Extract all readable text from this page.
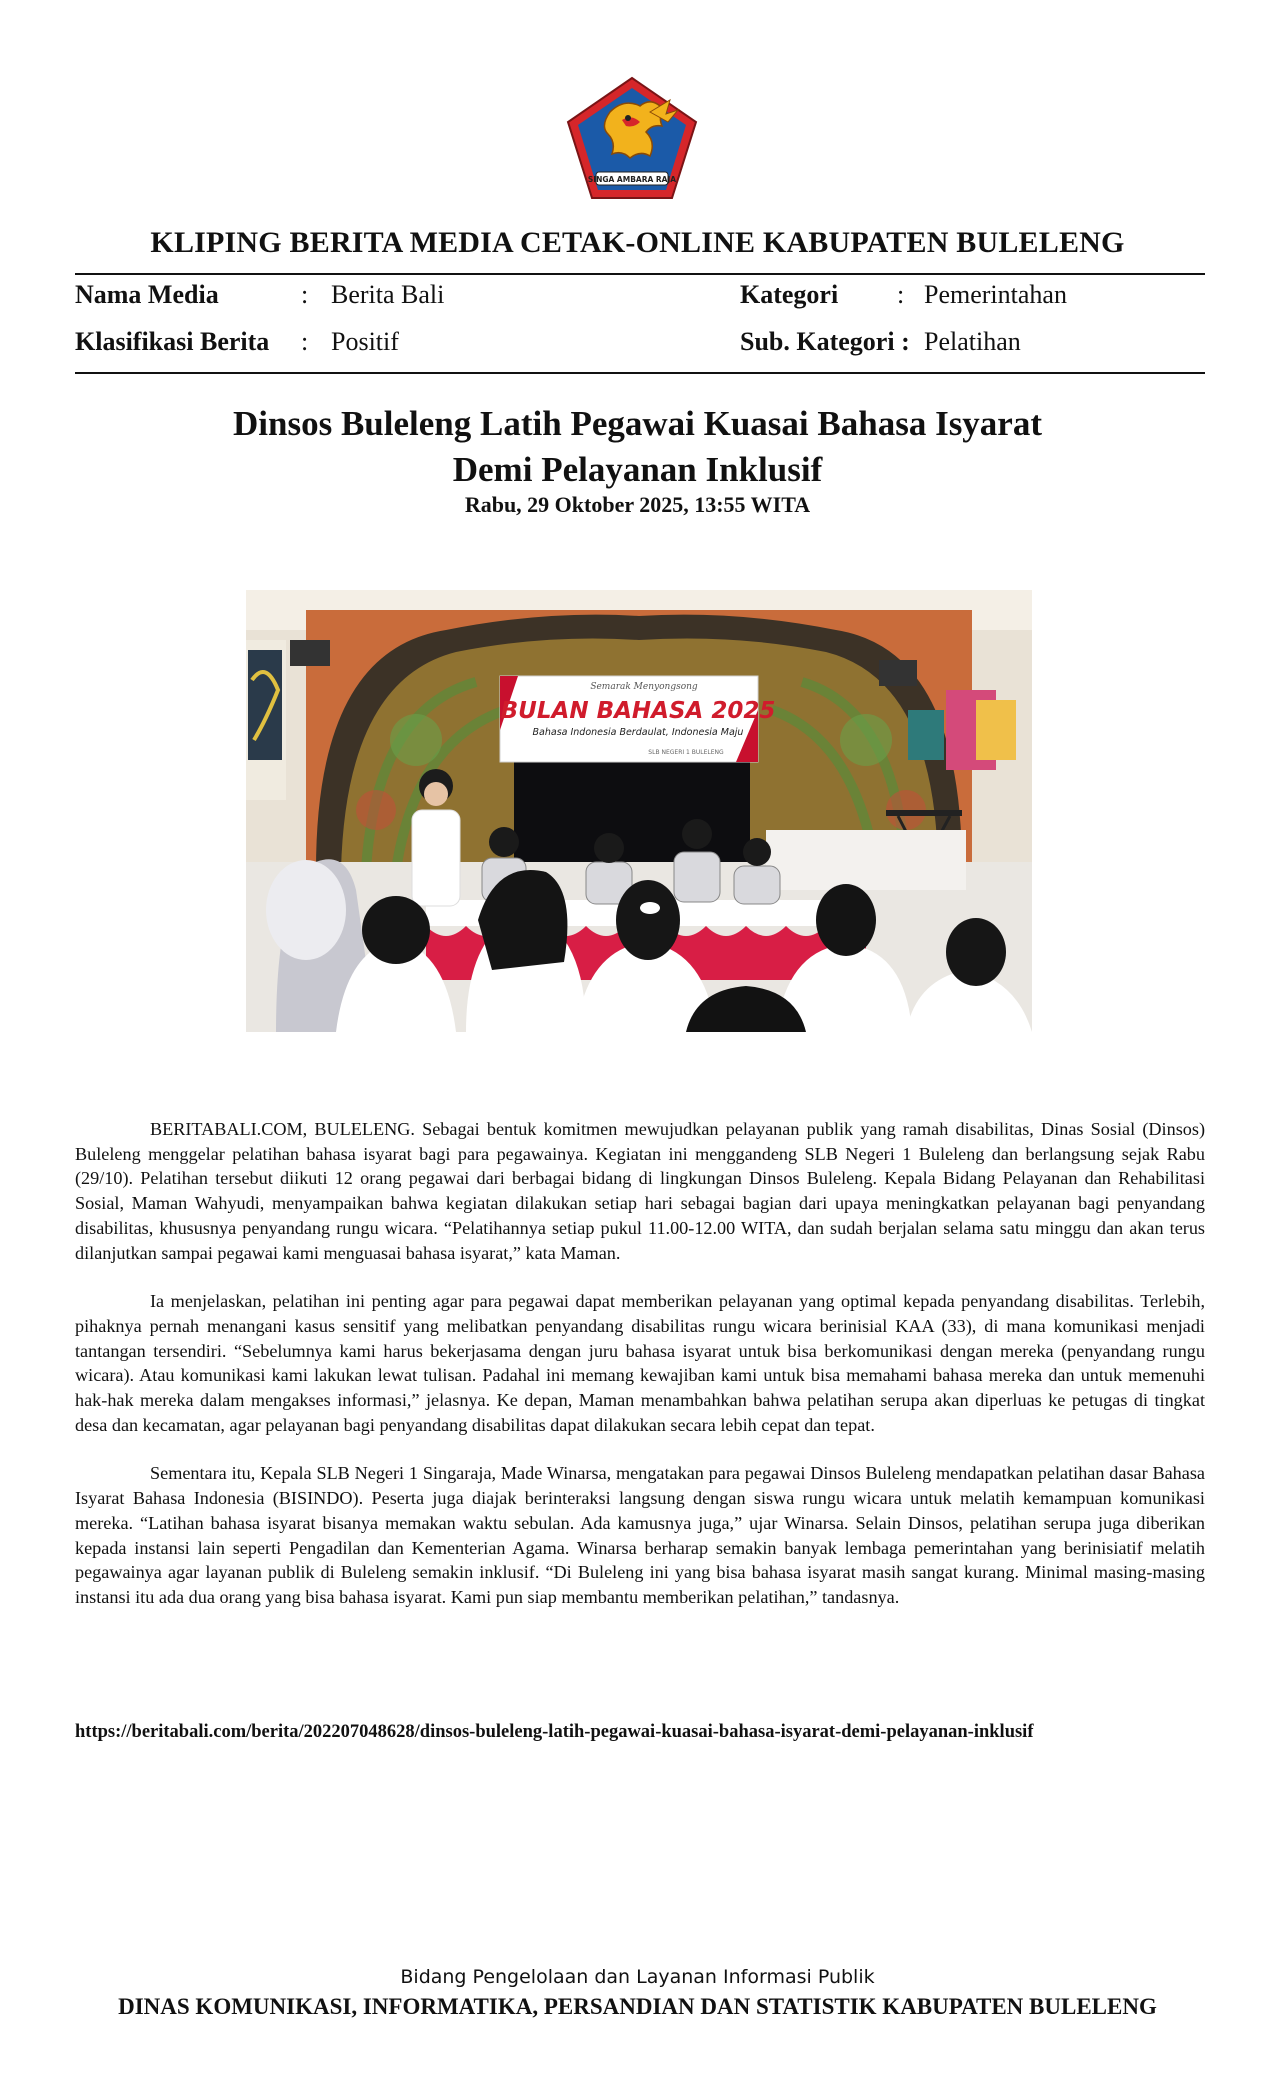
SINGA AMBARA RAJA
KLIPING BERITA MEDIA CETAK-ONLINE KABUPATEN BULELENG
Nama Media	: Berita Bali	Kategori : Pemerintahan
Klasifikasi Berita : Positif	Sub. Kategori : Pelatihan
Dinsos Buleleng Latih Pegawai Kuasai Bahasa Isyarat
Demi Pelayanan Inklusif
Rabu, 29 Oktober 2025, 13:55 WITA
Semarak Menyongsong
BULAN BAHASA 2025
Bahasa Indonesia Berdaulat, Indonesia Maju
SLB NEGERI 1 BULELENG

BERITABALI.COM, BULELENG. Sebagai bentuk komitmen mewujudkan pelayanan publik yang ramah disabilitas, Dinas Sosial (Dinsos) Buleleng menggelar pelatihan bahasa isyarat bagi para pegawainya. Kegiatan ini menggandeng SLB Negeri 1 Buleleng dan berlangsung sejak Rabu (29/10). Pelatihan tersebut diikuti 12 orang pegawai dari berbagai bidang di lingkungan Dinsos Buleleng. Kepala Bidang Pelayanan dan Rehabilitasi Sosial, Maman Wahyudi, menyampaikan bahwa kegiatan dilakukan setiap hari sebagai bagian dari upaya meningkatkan pelayanan bagi penyandang disabilitas, khususnya penyandang rungu wicara. “Pelatihannya setiap pukul 11.00-12.00 WITA, dan sudah berjalan selama satu minggu dan akan terus dilanjutkan sampai pegawai kami menguasai bahasa isyarat,” kata Maman.

Ia menjelaskan, pelatihan ini penting agar para pegawai dapat memberikan pelayanan yang optimal kepada penyandang disabilitas. Terlebih, pihaknya pernah menangani kasus sensitif yang melibatkan penyandang disabilitas rungu wicara berinisial KAA (33), di mana komunikasi menjadi tantangan tersendiri. “Sebelumnya kami harus bekerjasama dengan juru bahasa isyarat untuk bisa berkomunikasi dengan mereka (penyandang rungu wicara). Atau komunikasi kami lakukan lewat tulisan. Padahal ini memang kewajiban kami untuk bisa memahami bahasa mereka dan untuk memenuhi hak-hak mereka dalam mengakses informasi,” jelasnya. Ke depan, Maman menambahkan bahwa pelatihan serupa akan diperluas ke petugas di tingkat desa dan kecamatan, agar pelayanan bagi penyandang disabilitas dapat dilakukan secara lebih cepat dan tepat.

Sementara itu, Kepala SLB Negeri 1 Singaraja, Made Winarsa, mengatakan para pegawai Dinsos Buleleng mendapatkan pelatihan dasar Bahasa Isyarat Bahasa Indonesia (BISINDO). Peserta juga diajak berinteraksi langsung dengan siswa rungu wicara untuk melatih kemampuan komunikasi mereka. “Latihan bahasa isyarat bisanya memakan waktu sebulan. Ada kamusnya juga,” ujar Winarsa. Selain Dinsos, pelatihan serupa juga diberikan kepada instansi lain seperti Pengadilan dan Kementerian Agama. Winarsa berharap semakin banyak lembaga pemerintahan yang berinisiatif melatih pegawainya agar layanan publik di Buleleng semakin inklusif. “Di Buleleng ini yang bisa bahasa isyarat masih sangat kurang. Minimal masing-masing instansi itu ada dua orang yang bisa bahasa isyarat. Kami pun siap membantu memberikan pelatihan,” tandasnya.

https://beritabali.com/berita/202207048628/dinsos-buleleng-latih-pegawai-kuasai-bahasa-isyarat-demi-pelayanan-inklusif
Bidang Pengelolaan dan Layanan Informasi Publik
DINAS KOMUNIKASI, INFORMATIKA, PERSANDIAN DAN STATISTIK KABUPATEN BULELENG
